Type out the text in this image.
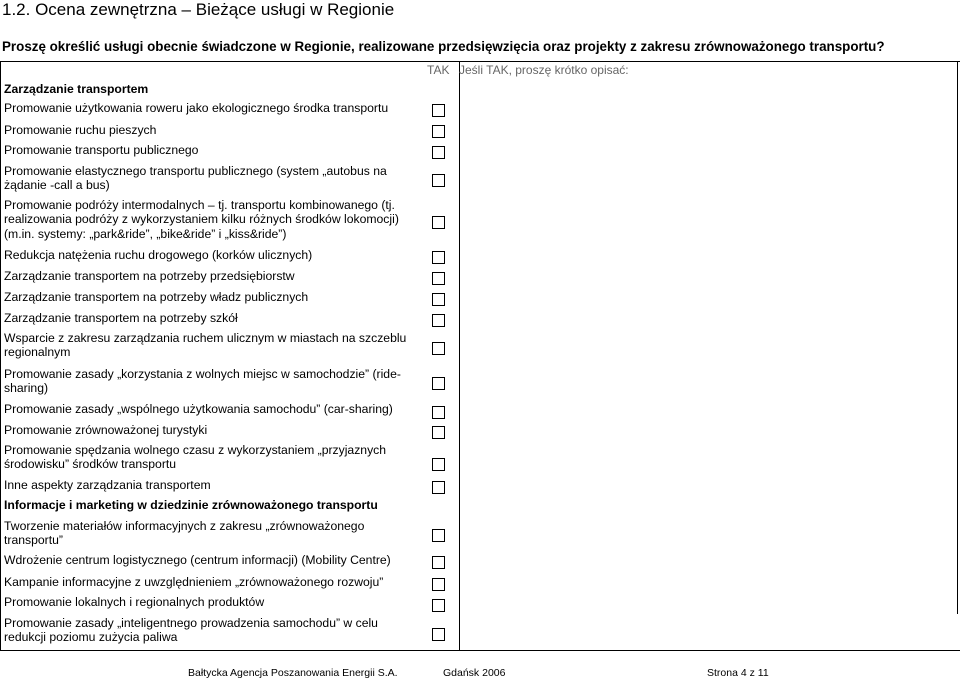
1.2. Ocena zewnętrzna – Bieżące usługi w Regionie
Proszę określić usługi obecnie świadczone w Regionie, realizowane przedsięwzięcia oraz projekty z zakresu zrównoważonego transportu?
TAK Jeśli TAK, proszę krótko opisać:
Zarządzanie transportem
Promowanie użytkowania roweru jako ekologicznego środka transportu
Promowanie ruchu pieszych
Promowanie transportu publicznego
Promowanie elastycznego transportu publicznego (system „autobus na żądanie -call a bus)
Promowanie podróży intermodalnych – tj. transportu kombinowanego (tj. realizowania podróży z wykorzystaniem kilku różnych środków lokomocji) (m.in. systemy: „park&ride”, „bike&ride” i „kiss&ride”)
Redukcja natężenia ruchu drogowego (korków ulicznych)
Zarządzanie transportem na potrzeby przedsiębiorstw
Zarządzanie transportem na potrzeby władz publicznych
Zarządzanie transportem na potrzeby szkół
Wsparcie z zakresu zarządzania ruchem ulicznym w miastach na szczeblu regionalnym
Promowanie zasady „korzystania z wolnych miejsc w samochodzie” (ride-sharing)
Promowanie zasady „wspólnego użytkowania samochodu” (car-sharing)
Promowanie zrównoważonej turystyki
Promowanie spędzania wolnego czasu z wykorzystaniem „przyjaznych środowisku” środków transportu
Inne aspekty zarządzania transportem
Informacje i marketing w dziedzinie zrównoważonego transportu
Tworzenie materiałów informacyjnych z zakresu „zrównoważonego transportu”
Wdrożenie centrum logistycznego (centrum informacji) (Mobility Centre)
Kampanie informacyjne z uwzględnieniem „zrównoważonego rozwoju”
Promowanie lokalnych i regionalnych produktów
Promowanie zasady „inteligentnego prowadzenia samochodu” w celu redukcji poziomu zużycia paliwa
Bałtycka Agencja Poszanowania Energii S.A.	Gdańsk 2006	Strona 4 z 11
